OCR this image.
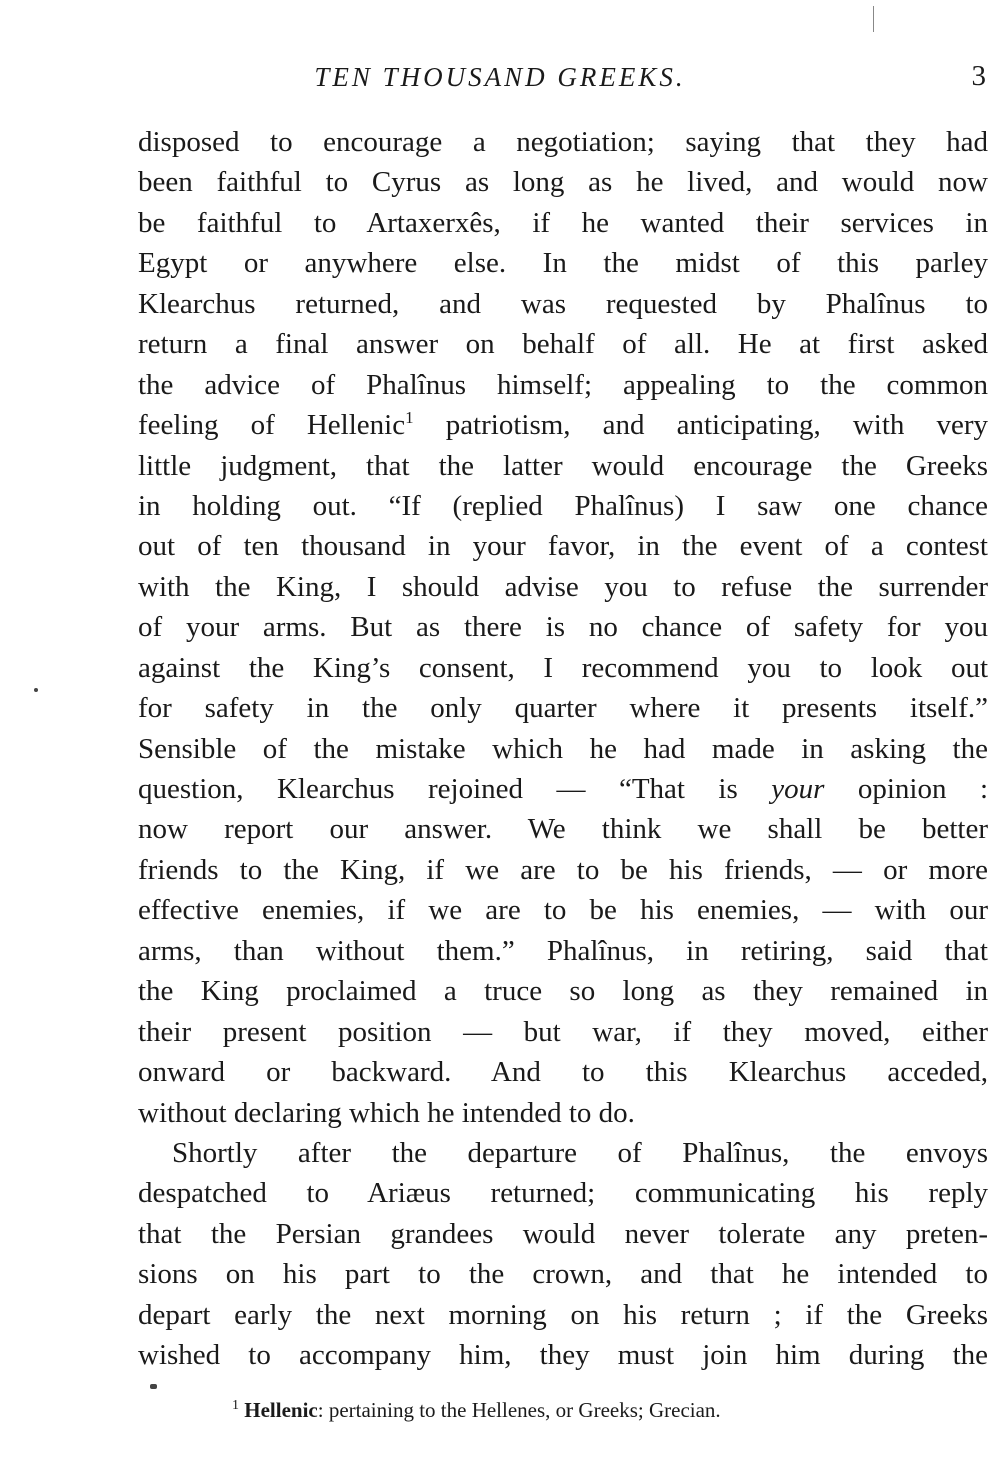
TEN THOUSAND GREEKS.	3
disposed to encourage a negotiation; saying that they had
been faithful to Cyrus as long as he lived, and would now
be faithful to Artaxerxês, if he wanted their services in
Egypt or anywhere else. In the midst of this parley
Klearchus returned, and was requested by Phalînus to
return a final answer on behalf of all. He at first asked
the advice of Phalînus himself; appealing to the common
feeling of Hellenic$^1$ patriotism, and anticipating, with very
little judgment, that the latter would encourage the Greeks
in holding out. “If (replied Phalînus) I saw one chance
out of ten thousand in your favor, in the event of a contest
with the King, I should advise you to refuse the surrender
of your arms. But as there is no chance of safety for you
against the King’s consent, I recommend you to look out
for safety in the only quarter where it presents itself.”
Sensible of the mistake which he had made in asking the
question, Klearchus rejoined — “That is your opinion :
now report our answer. We think we shall be better
friends to the King, if we are to be his friends, — or more
effective enemies, if we are to be his enemies, — with our
arms, than without them.” Phalînus, in retiring, said that
the King proclaimed a truce so long as they remained in
their present position — but war, if they moved, either
onward or backward. And to this Klearchus acceded,
without declaring which he intended to do.
Shortly after the departure of Phalînus, the envoys
despatched to Ariæus returned; communicating his reply
that the Persian grandees would never tolerate any preten-
sions on his part to the crown, and that he intended to
depart early the next morning on his return ; if the Greeks
wished to accompany him, they must join him during the
$^1$ Hellenic: pertaining to the Hellenes, or Greeks; Grecian.
